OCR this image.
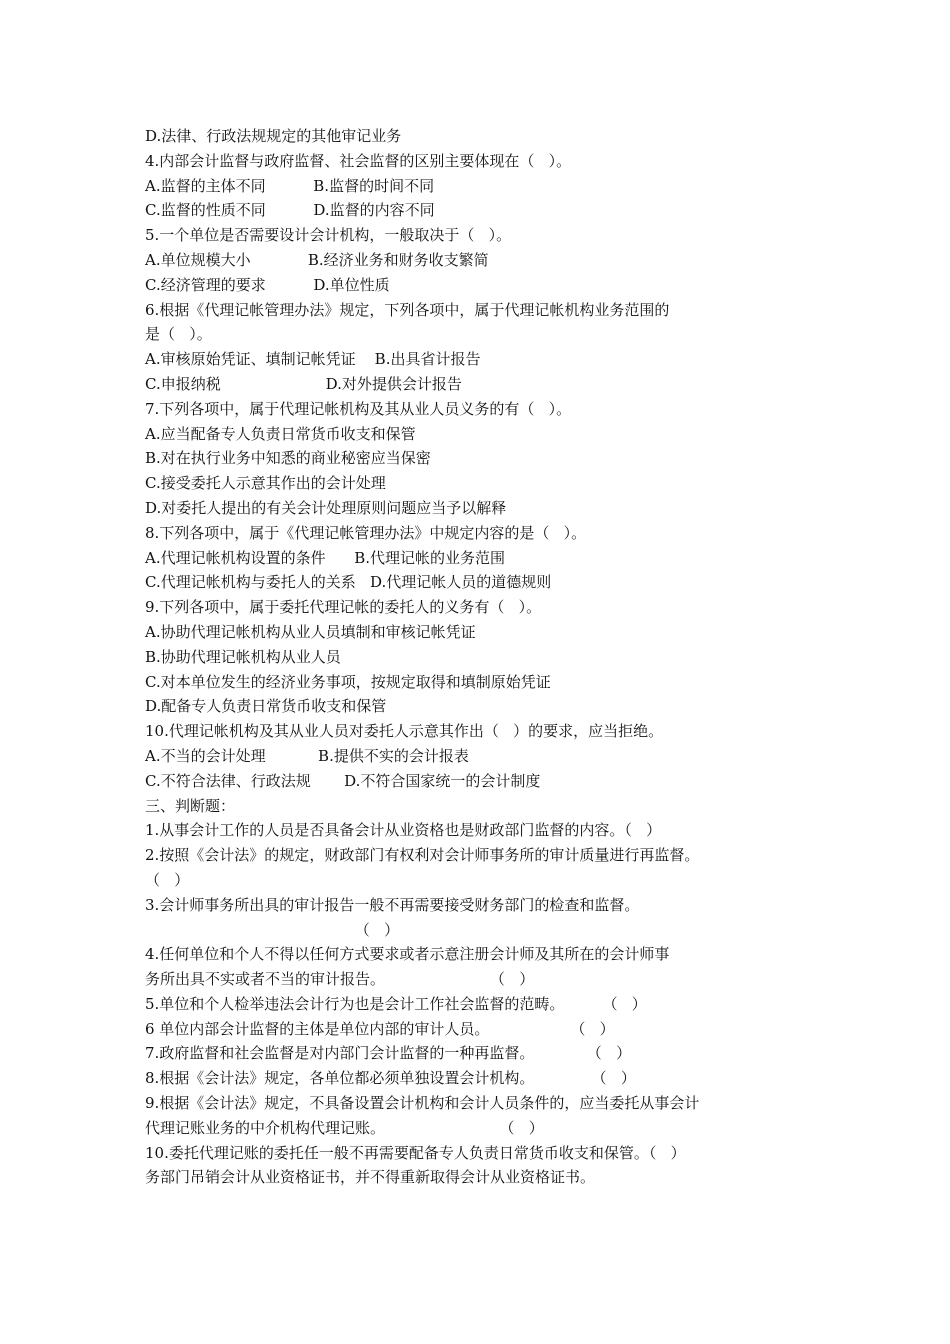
D.法律、行政法规规定的其他审记业务
4.内部会计监督与政府监督、社会监督的区别主要体现在（   ）。
A.监督的主体不同          B.监督的时间不同
C.监督的性质不同          D.监督的内容不同
5.一个单位是否需要设计会计机构，一般取决于（   ）。
A.单位规模大小            B.经济业务和财务收支繁简
C.经济管理的要求          D.单位性质
6.根据《代理记帐管理办法》规定，下列各项中，属于代理记帐机构业务范围的
是（   ）。
A.审核原始凭证、填制记帐凭证    B.出具省计报告
C.申报纳税                      D.对外提供会计报告
7.下列各项中，属于代理记帐机构及其从业人员义务的有（   ）。
A.应当配备专人负责日常货币收支和保管
B.对在执行业务中知悉的商业秘密应当保密
C.接受委托人示意其作出的会计处理
D.对委托人提出的有关会计处理原则问题应当予以解释
8.下列各项中，属于《代理记帐管理办法》中规定内容的是（   ）。
A.代理记帐机构设置的条件      B.代理记帐的业务范围
C.代理记帐机构与委托人的关系   D.代理记帐人员的道德规则
9.下列各项中，属于委托代理记帐的委托人的义务有（   ）。
A.协助代理记帐机构从业人员填制和审核记帐凭证
B.协助代理记帐机构从业人员
C.对本单位发生的经济业务事项，按规定取得和填制原始凭证
D.配备专人负责日常货币收支和保管
10.代理记帐机构及其从业人员对委托人示意其作出（   ）的要求，应当拒绝。
A.不当的会计处理           B.提供不实的会计报表
C.不符合法律、行政法规       D.不符合国家统一的会计制度
三、判断题：
1.从事会计工作的人员是否具备会计从业资格也是财政部门监督的内容。（   ）
2.按照《会计法》的规定，财政部门有权利对会计师事务所的审计质量进行再监督。
（   ）
3.会计师事务所出具的审计报告一般不再需要接受财务部门的检查和监督。
（   ）
4.任何单位和个人不得以任何方式要求或者示意注册会计师及其所在的会计师事
务所出具不实或者不当的审计报告。                      （   ）
5.单位和个人检举违法会计行为也是会计工作社会监督的范畴。        （   ）
6 单位内部会计监督的主体是单位内部的审计人员。                 （   ）
7.政府监督和社会监督是对内部门会计监督的一种再监督。           （   ）
8.根据《会计法》规定，各单位都必须单独设置会计机构。            （   ）
9.根据《会计法》规定，不具备设置会计机构和会计人员条件的，应当委托从事会计
代理记账业务的中介机构代理记账。                        （   ）
10.委托代理记账的委托任一般不再需要配备专人负责日常货币收支和保管。（   ）
务部门吊销会计从业资格证书，并不得重新取得会计从业资格证书。
